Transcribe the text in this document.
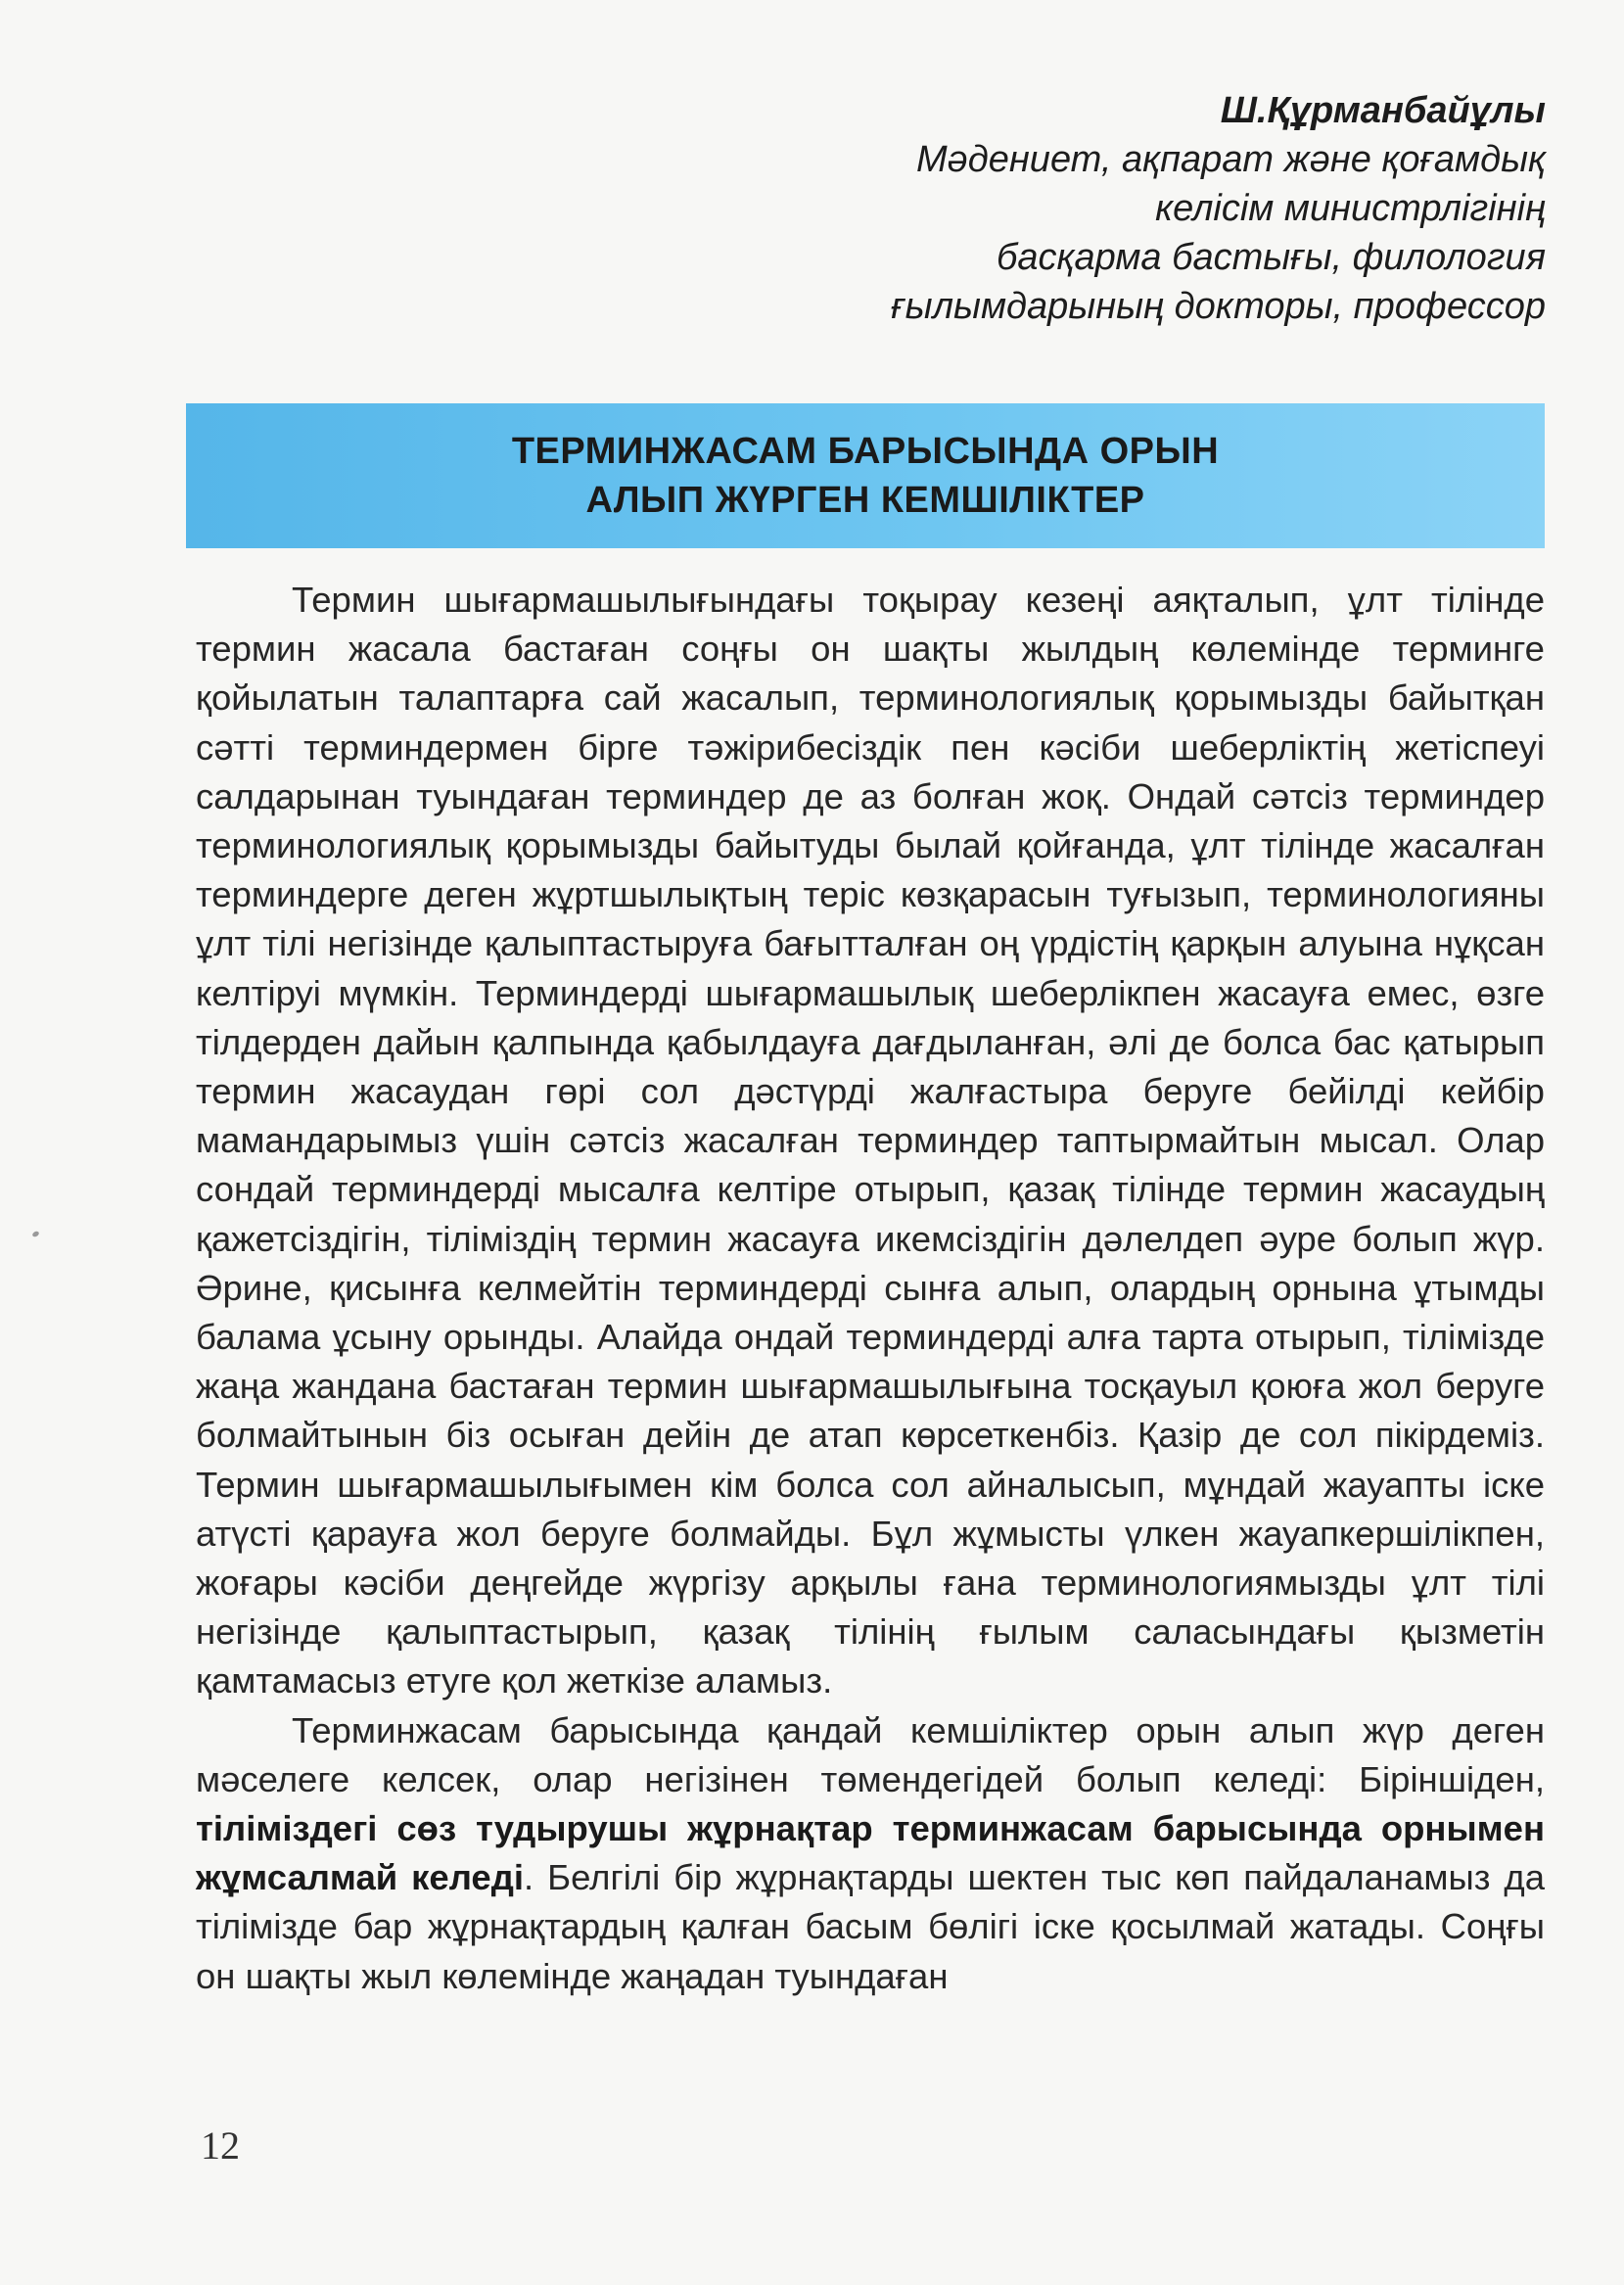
Ш.Құрманбайұлы
Мәдениет, ақпарат және қоғамдық
келісім министрлігінің
басқарма бастығы, филология
ғылымдарының докторы, профессор
ТЕРМИНЖАСАМ БАРЫСЫНДА ОРЫН
АЛЫП ЖҮРГЕН КЕМШІЛІКТЕР

Термин шығармашылығындағы тоқырау кезеңі аяқталып, ұлт тілінде термин жасала бастаған соңғы он шақты жылдың көлемінде терминге қойылатын талаптарға сай жасалып, терминологиялық қорымызды байытқан сәтті терминдермен бірге тәжірибесіздік пен кәсіби шеберліктің жетіспеуі салдарынан туындаған терминдер де аз болған жоқ. Ондай сәтсіз терминдер терминологиялық қорымызды байытуды былай қойғанда, ұлт тілінде жасалған терминдерге деген жұртшылықтың теріс көзқарасын туғызып, терминологияны ұлт тілі негізінде қалыптастыруға бағытталған оң үрдістің қарқын алуына нұқсан келтіруі мүмкін. Терминдерді шығармашылық шеберлікпен жасауға емес, өзге тілдерден дайын қалпында қабылдауға дағдыланған, әлі де болса бас қатырып термин жасаудан гөрі сол дәстүрді жалғастыра беруге бейілді кейбір мамандарымыз үшін сәтсіз жасалған терминдер таптырмайтын мысал. Олар сондай терминдерді мысалға келтіре отырып, қазақ тілінде термин жасаудың қажетсіздігін, тіліміздің термин жасауға икемсіздігін дәлелдеп әуре болып жүр. Әрине, қисынға келмейтін терминдерді сынға алып, олардың орнына ұтымды балама ұсыну орынды. Алайда ондай терминдерді алға тарта отырып, тілімізде жаңа жандана бастаған термин шығармашылығына тосқауыл қоюға жол беруге болмайтынын біз осыған дейін де атап көрсеткенбіз. Қазір де сол пікірдеміз. Термин шығармашылығымен кім болса сол айналысып, мұндай жауапты іске атүсті қарауға жол беруге болмайды. Бұл жұмысты үлкен жауапкершілікпен, жоғары кәсіби деңгейде жүргізу арқылы ғана терминологиямызды ұлт тілі негізінде қалыптастырып, қазақ тілінің ғылым саласындағы қызметін қамтамасыз етуге қол жеткізе аламыз.

Терминжасам барысында қандай кемшіліктер орын алып жүр деген мәселеге келсек, олар негізінен төмендегідей болып келеді: Біріншіден, тіліміздегі сөз тудырушы жұрнақтар терминжасам барысында орнымен жұмсалмай келеді. Белгілі бір жұрнақтарды шектен тыс көп пайдаланамыз да тілімізде бар жұрнақтардың қалған басым бөлігі іске қосылмай жатады. Соңғы он шақты жыл көлемінде жаңадан туындаған

12
